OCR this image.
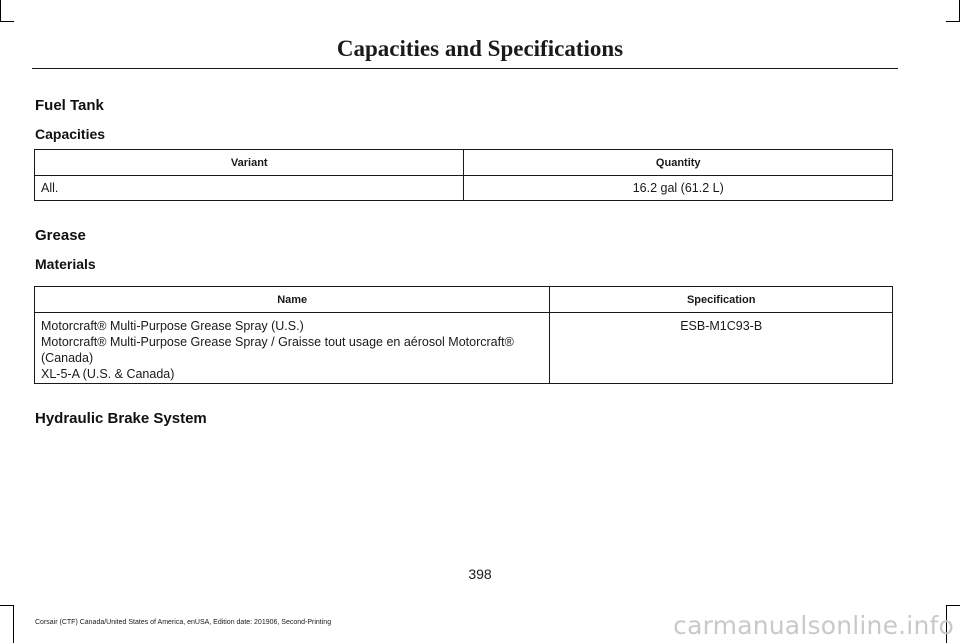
Capacities and Specifications
Fuel Tank
Capacities
Variant	Quantity
All.	16.2 gal (61.2 L)
Grease
Materials
Name	Specification

Motorcraft® Multi-Purpose Grease Spray (U.S.)
Motorcraft® Multi-Purpose Grease Spray / Graisse tout usage en aérosol Motorcraft®
(Canada)
XL-5-A (U.S. & Canada)	ESB-M1C93-B
Hydraulic Brake System
398
Corsair (CTF) Canada/United States of America, enUSA, Edition date: 201906, Second-Printing	carmanualsonline.info
